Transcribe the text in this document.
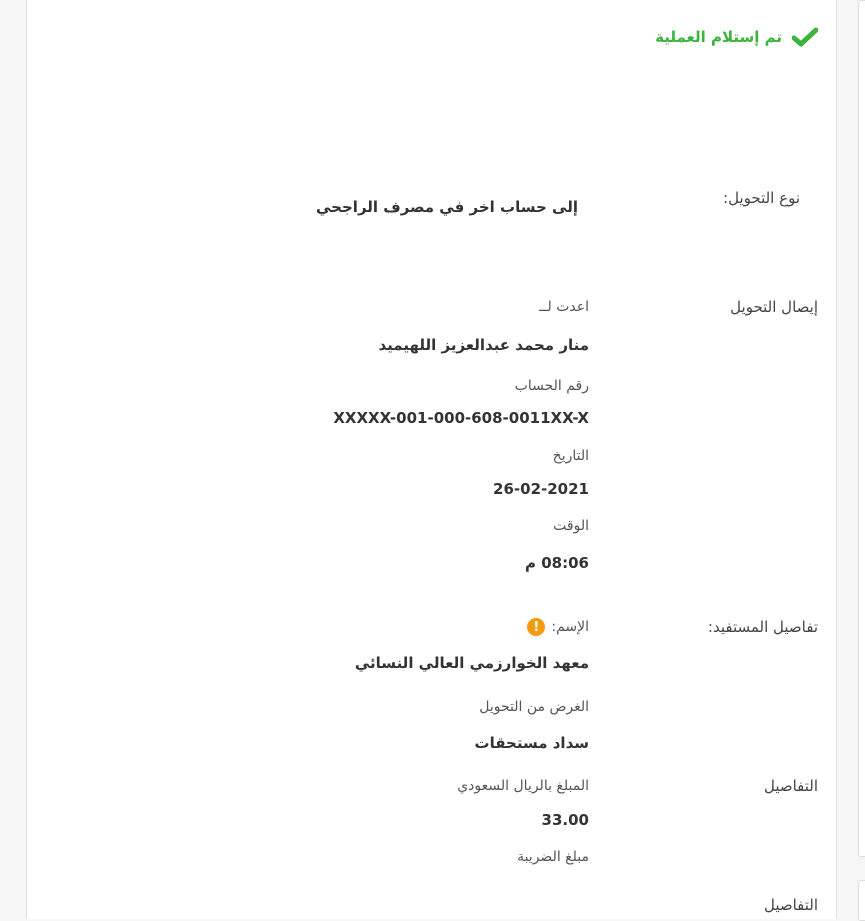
تم إستلام العملية
نوع التحويل:
إلى حساب اخر في مصرف الراجحي
إيصال التحويل
اعدت لــ
منار محمد عبدالعزيز اللهيميد
رقم الحساب
XXXXX-001-000-608-0011XX-X
التاريخ
26-02-2021
الوقت
08:06 م
تفاصيل المستفيد:
الإسم:!
معهد الخوارزمي العالي النسائي
الغرض من التحويل
سداد مستحقات
التفاصيل
المبلغ بالريال السعودي
33.00
مبلغ الضريبة
التفاصيل
